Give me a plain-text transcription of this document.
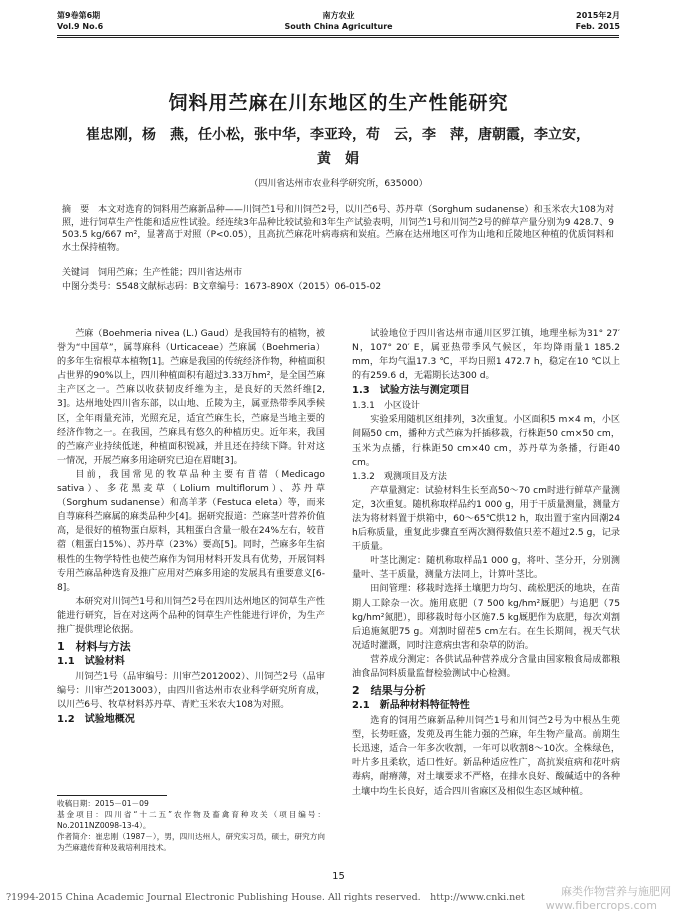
第9卷第6期
Vol.9 No.6
南方农业
South China Agriculture
2015年2月
Feb. 2015
饲料用苎麻在川东地区的生产性能研究
崔忠刚，杨　燕，任小松，张中华，李亚玲，苟　云，李　萍，唐朝霞，李立安，
黄　娟
（四川省达州市农业科学研究所，635000）
摘　要　本文对选育的饲料用苎麻新品种——川饲苎1号和川饲苎2号，以川苎6号、苏丹草（Sorghum sudanense）和玉米农大108为对照，进行饲草生产性能和适应性试验。经连续3年品种比较试验和3年生产试验表明，川饲苎1号和川饲苎2号的鲜草产量分别为9 428.7、9 503.5 kg/667 m²，显著高于对照（P<0.05），且高抗苎麻花叶病毒病和炭疽。苎麻在达州地区可作为山地和丘陵地区种植的优质饲料和水土保持植物。
关键词　饲用苎麻；生产性能；四川省达州市
中图分类号：S548文献标志码：B文章编号：1673-890X（2015）06-015-02

苎麻（Boehmeria nivea (L.) Gaud）是我国特有的植物，被誉为“中国草”，属荨麻科（Urticaceae）苎麻属（Boehmeria）的多年生宿根草本植物[1]。苎麻是我国的传统经济作物，种植面积占世界的90%以上，四川种植面积有超过3.33万hm²，是全国苎麻主产区之一。苎麻以收获韧皮纤维为主，是良好的天然纤维[2, 3]。达州地处四川省东部，以山地、丘陵为主，属亚热带季风季候区，全年雨量充沛，光照充足，适宜苎麻生长，苎麻是当地主要的经济作物之一。在我国，苎麻具有悠久的种植历史。近年来，我国的苎麻产业持续低迷，种植面积锐减，并且还在持续下降。针对这一情况，开展苎麻多用途研究已迫在眉睫[3]。

目前，我国常见的牧草品种主要有苜蓿（Medicago sativa）、多花黑麦草（Lolium multiflorum）、苏丹草（Sorghum sudanense）和高羊茅（Festuca eleta）等，而来自荨麻科苎麻属的麻类品种少[4]。据研究报道：苎麻茎叶营养价值高，是很好的植物蛋白原料，其粗蛋白含量一般在24%左右，较苜蓿（粗蛋白15%）、苏丹草（23%）要高[5]。同时，苎麻多年生宿根性的生物学特性也使苎麻作为饲用材料开发具有优势，开展饲料专用苎麻品种选育及推广应用对苎麻多用途的发展具有重要意义[6-8]。

本研究对川饲苎1号和川饲苎2号在四川达州地区的饲草生产性能进行研究，旨在对这两个品种的饲草生产性能进行评价，为生产推广提供理论依据。

1　材料与方法
1.1　试验材料

川饲苎1号（品审编号：川审苎2012002）、川饲苎2号（品审编号：川审苎2013003），由四川省达州市农业科学研究所育成，以川苎6号、牧草材料苏丹草、青贮玉米农大108为对照。

1.2　试验地概况

收稿日期：2015－01－09

基金项目：四川省“十二五”农作物及畜禽育种攻关（项目编号：No.2011NZ0098-13-4）。

作者简介：崔忠刚（1987－），男，四川达州人，研究实习员，硕士，研究方向为苎麻遗传育种及栽培利用技术。

试验地位于四川省达州市通川区罗江镇，地理坐标为31° 27′ N，107° 20′ E，属亚热带季风气候区，年均降雨量1 185.2 mm，年均气温17.3 ℃，平均日照1 472.7 h，稳定在10 ℃以上的有259.6 d，无霜期长达300 d。

1.3　试验方法与测定项目
1.3.1　小区设计

实验采用随机区组排列，3次重复。小区面积5 m×4 m，小区间隔50 cm，播种方式苎麻为扦插移栽，行株距50 cm×50 cm，玉米为点播，行株距50 cm×40 cm，苏丹草为条播，行距40 cm。

1.3.2　观测项目及方法

产草量测定：试验材料生长至高50～70 cm时进行鲜草产量测定，3次重复。随机称取样品约1 000 g，用于干质量测量，测量方法为将材料置于烘箱中，60～65℃烘12 h，取出置于室内回潮24 h后称质量，重复此步骤直至两次测得数值只差不超过2.5 g，记录干质量。

叶茎比测定：随机称取样品1 000 g，将叶、茎分开，分别测量叶、茎干质量，测量方法同上，计算叶茎比。

田间管理：移栽时选择土壤肥力均匀、疏松肥沃的地块，在苗期人工除杂一次。施用底肥（7 500 kg/hm²厩肥）与追肥（75 kg/hm²氮肥），即移栽时每小区施7.5 kg厩肥作为底肥，每次刈割后追施氮肥75 g。刈割时留茬5 cm左右。在生长期间，视天气状况适时灌溉，同时注意病虫害和杂草的防治。

营养成分测定：各供试品种营养成分含量由国家粮食局成都粮油食品饲料质量监督检验测试中心检测。

2　结果与分析
2.1　新品种材料特征特性

选育的饲用苎麻新品种川饲苎1号和川饲苎2号为中根丛生蔸型，长势旺盛，发蔸及再生能力强的苎麻，年生物产量高。前期生长迅速，适合一年多次收割，一年可以收割8～10次。全株绿色，叶片多且柔软，适口性好。新品种适应性广，高抗炭疽病和花叶病毒病，耐瘠薄，对土壤要求不严格，在排水良好、酸碱适中的各种土壤中均生长良好，适合四川省麻区及相似生态区域种植。

15
?1994-2015 China Academic Journal Electronic Publishing House. All rights reserved.　http://www.cnki.net	麻类作物营养与施肥网
www.fibercrops.com
